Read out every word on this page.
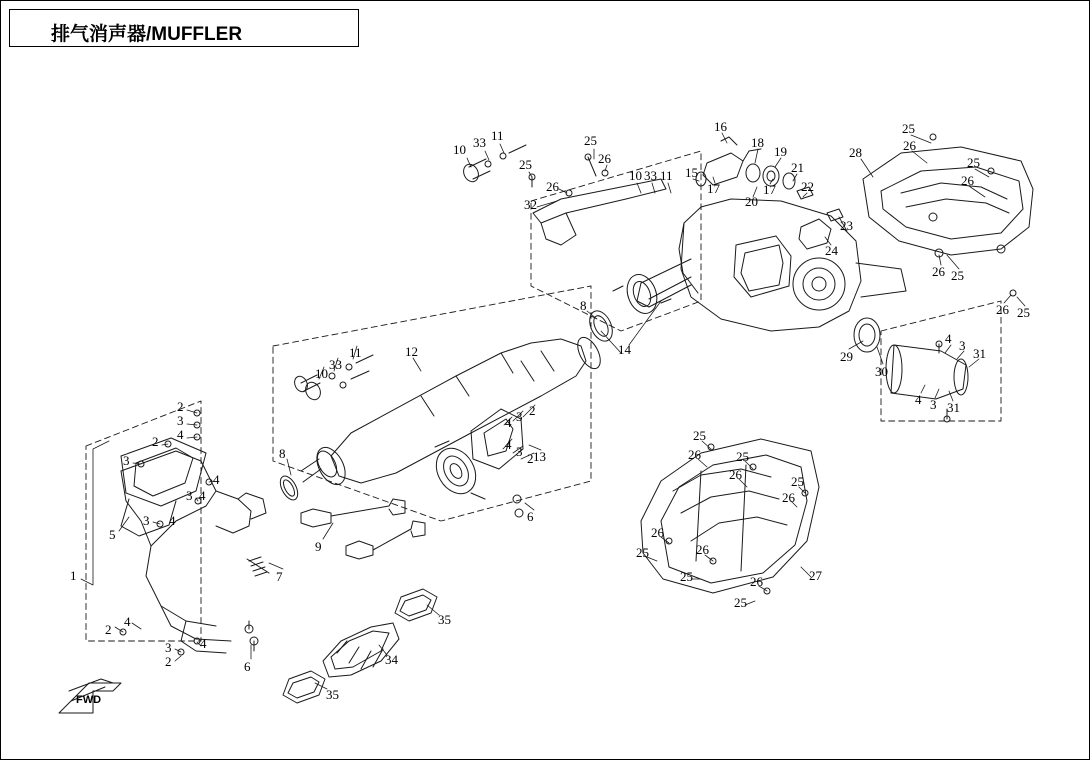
排气消声器/MUFFLER
10 33 11
25
26
25
26
32
10 33 11 15
16
17
18
19
20
17
21
22
23
24
28
25
26
25
26
26 25
26 25
8
14	29
30
4 3
31
4 3 31
10
33
11	12
4 3 2
4 3 2 13
8
6
9
7
6
2
3
4
2
3
4
3 4
3 4
5
1
2
4
3
2
4
35
34
35
25
26	25
26	25
26
26
25	26
25	26
25
27
FWD
